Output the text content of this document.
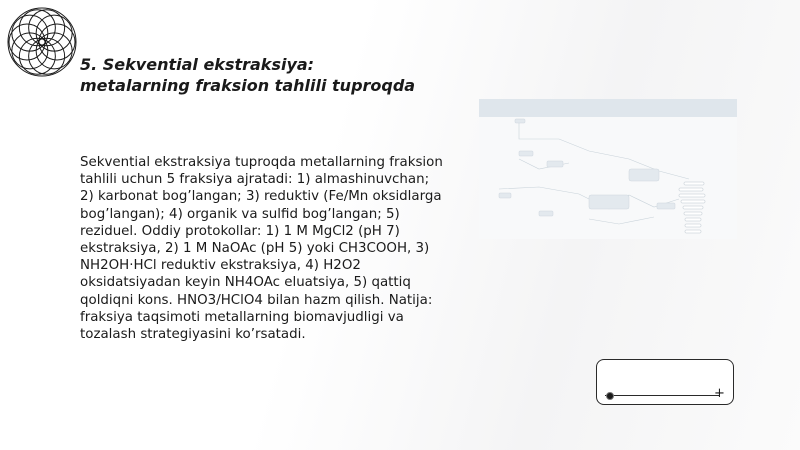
5. Sekvential ekstraksiya:
metalarning fraksion tahlili tuproqda

Sekvential ekstraksiya tuproqda metallarning fraksion tahlili uchun 5 fraksiya ajratadi: 1) almashinuvchan; 2) karbonat bog’langan; 3) reduktiv (Fe/Mn oksidlarga bog’langan); 4) organik va sulfid bog’langan; 5) reziduel. Oddiy protokollar: 1) 1 M MgCl2 (pH 7) ekstraksiya, 2) 1 M NaOAc (pH 5) yoki CH3COOH, 3) NH2OH·HCl reduktiv ekstraksiya, 4) H2O2 oksidatsiyadan keyin NH4OAc eluatsiya, 5) qattiq qoldiqni kons. HNO3/HClO4 bilan hazm qilish. Natija: fraksiya taqsimoti metallarning biomavjudligi va tozalash strategiyasini ko’rsatadi.

+
